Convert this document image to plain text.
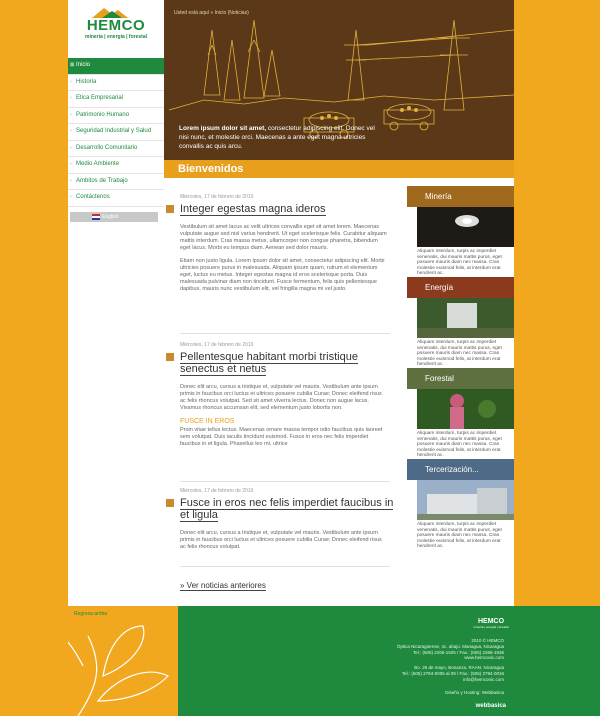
HEMCO
minería | energía | forestal
⊠ Inicio
› Historia
› Etica Empresarial
› Patrimonio Humano
› Seguridad Industrial y Salud
› Desarrollo Comunitario
› Medio Ambiente
› Ambitos de Trabajo
› Contáctenos
English
Usted está aquí » Inicio (Noticias)
Lorem ipsum dolor sit amet, consectetur adipiscing elit. Donec vel nisi nunc, et molestie orci. Maecenas a ante eget magna ultricies convallis ac quis arcu.
Bienvenidos
Miércoles, 17 de febrero de 2010
Integer egestas magna ideros

Vestibulum sit amet lacus ac velit ultrices convallis eget sit amet lorem. Maecenas vulputate augue sed nisl varius hendrerit. Ut eget scelerisque felis. Curabitur aliquam mattis interdum. Cras massa metus, ullamcorper non congue pharetra, bibendum eget lacus. Morbi eu tempus diam. Aenean sed dolor mauris.

Etiam non justo ligula. Lorem ipsum dolor sit amet, consectetur adipiscing elit. Morbi ultricies posuere purus in malesuada. Aliquam ipsum quam, rutrum et elementum eget, luctus eu metus. Integer egestas magna id eros scelerisque porta. Duis malesuada pulvinar diam non tincidunt. Fusce fermentum, felis quis pellentesque dapibus, mauris nunc vestibulum elit, vel fringilla magna mi vel justo.

Miércoles, 17 de febrero de 2010
Pellentesque habitant morbi tristique senectus et netus

Donec elit arcu, cursus a tristique et, vulputate vel mauris. Vestibulum ante ipsum primis in faucibus orci luctus et ultrices posuere cubilia Curae; Donec eleifend risus ac felis rhoncus volutpat. Sed sit amet viverra lectus. Donec non augue lacus. Vivamus rhoncus accumsan elit, sed elementum justo lobortis non.

FUSCE IN EROS

Proin vitae tellus lectus. Maecenas ornare massa tempor odio faucibus quis laoreet sem volutpat. Duis iaculis tincidunt euismod. Fusce in eros nec felis imperdiet faucibus in et ligula. Phasellus leo mi, ultrice

Miércoles, 17 de febrero de 2010
Fusce in eros nec felis imperdiet faucibus in et ligula

Donec elit arcu, cursus a tristique et, vulputate vel mauris. Vestibulum ante ipsum primis in faucibus orci luctus et ultrices posuere cubilia Curae; Donec eleifend risus ac felis rhoncus volutpat.

» Ver noticias anteriores
Minería
Aliquam interdum, turpis ac imperdiet venenatis, dui mauris mattis purus, eget posuere mauris diam nec massa. Cras molestie euismod felis, at interdum erat hendrerit ac.
Energía
Aliquam interdum, turpis ac imperdiet venenatis, dui mauris mattis purus, eget posuere mauris diam nec massa. Cras molestie euismod felis, at interdum erat hendrerit ac.
Forestal
Aliquam interdum, turpis ac imperdiet venenatis, dui mauris mattis purus, eget posuere mauris diam nec massa. Cras molestie euismod felis, at interdum erat hendrerit ac.
Tercerización...
Aliquam interdum, turpis ac imperdiet venenatis, dui mauris mattis purus, eget posuere mauris diam nec massa. Cras molestie euismod felis, at interdum erat hendrerit ac.
Regresa arriba
HEMCO
minería | energía | forestal
2010 © HEMCO
Óptica Nicaragüense, 4c. abajo. Managua, Nicaragua
Tel.: (505) 2266-1925 / Fax.: (505) 2266-1936
www.hemconic.com
Bo. 26 de mayo, Bonanza, RAAN, Nicaragua
Tel.: (505) 2794-0005 al 09 / Fax.: (505) 2794-0016
info@hemconic.com
Diseño y Hosting: Webbasica
webbasica
